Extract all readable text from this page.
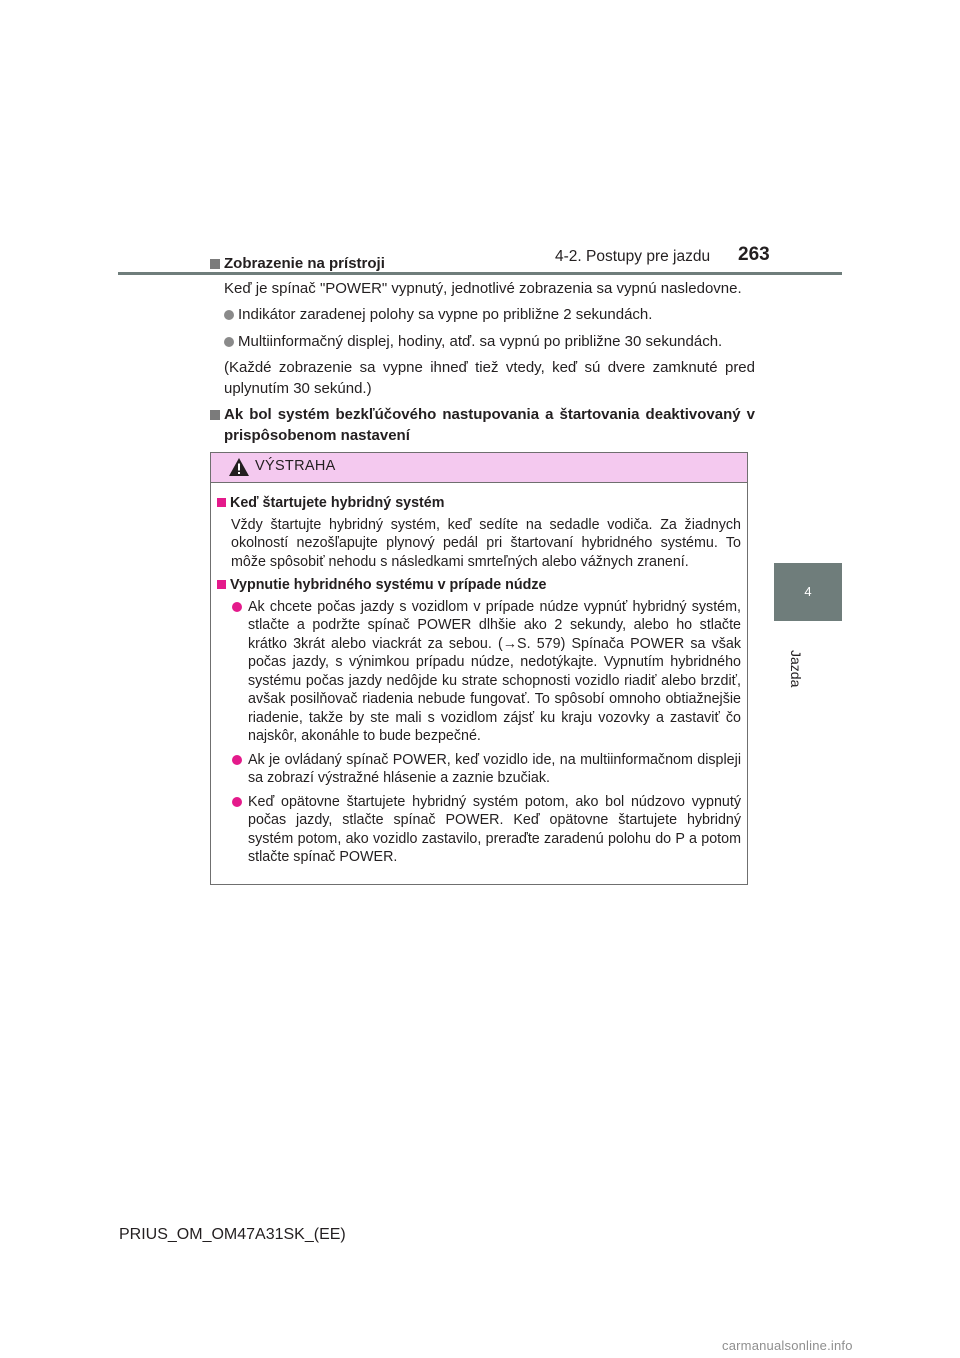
4-2. Postupy pre jazdu 263
4
Jazda
Zobrazenie na prístroji
Keď je spínač "POWER" vypnutý, jednotlivé zobrazenia sa vypnú nasledovne.
Indikátor zaradenej polohy sa vypne po približne 2 sekundách.
Multiinformačný displej, hodiny, atď. sa vypnú po približne 30 sekundách.
(Každé zobrazenie sa vypne ihneď tiež vtedy, keď sú dvere zamknuté pred uplynutím 30 sekúnd.)
Ak bol systém bezkľúčového nastupovania a štartovania deaktivovaný v prispôsobenom nastavení
VÝSTRAHA
Keď štartujete hybridný systém
Vždy štartujte hybridný systém, keď sedíte na sedadle vodiča. Za žiadnych okolností nezošľapujte plynový pedál pri štartovaní hybridného systému. To môže spôsobiť nehodu s následkami smrteľných alebo vážnych zranení.
Vypnutie hybridného systému v prípade núdze
Ak chcete počas jazdy s vozidlom v prípade núdze vypnúť hybridný systém, stlačte a podržte spínač POWER dlhšie ako 2 sekundy, alebo ho stlačte krátko 3krát alebo viackrát za sebou. (→S. 579) Spínača POWER sa však počas jazdy, s výnimkou prípadu núdze, nedotýkajte. Vypnutím hybridného systému počas jazdy nedôjde ku strate schopnosti vozidlo riadiť alebo brzdiť, avšak posilňovač riadenia nebude fungovať. To spôsobí omnoho obtiažnejšie riadenie, takže by ste mali s vozidlom zájsť ku kraju vozovky a zastaviť čo najskôr, akonáhle to bude bezpečné.
Ak je ovládaný spínač POWER, keď vozidlo ide, na multiinformačnom displeji sa zobrazí výstražné hlásenie a zaznie bzučiak.
Keď opätovne štartujete hybridný systém potom, ako bol núdzovo vypnutý počas jazdy, stlačte spínač POWER. Keď opätovne štartujete hybridný systém potom, ako vozidlo zastavilo, preraďte zaradenú polohu do P a potom stlačte spínač POWER.
PRIUS_OM_OM47A31SK_(EE)
carmanualsonline.info
